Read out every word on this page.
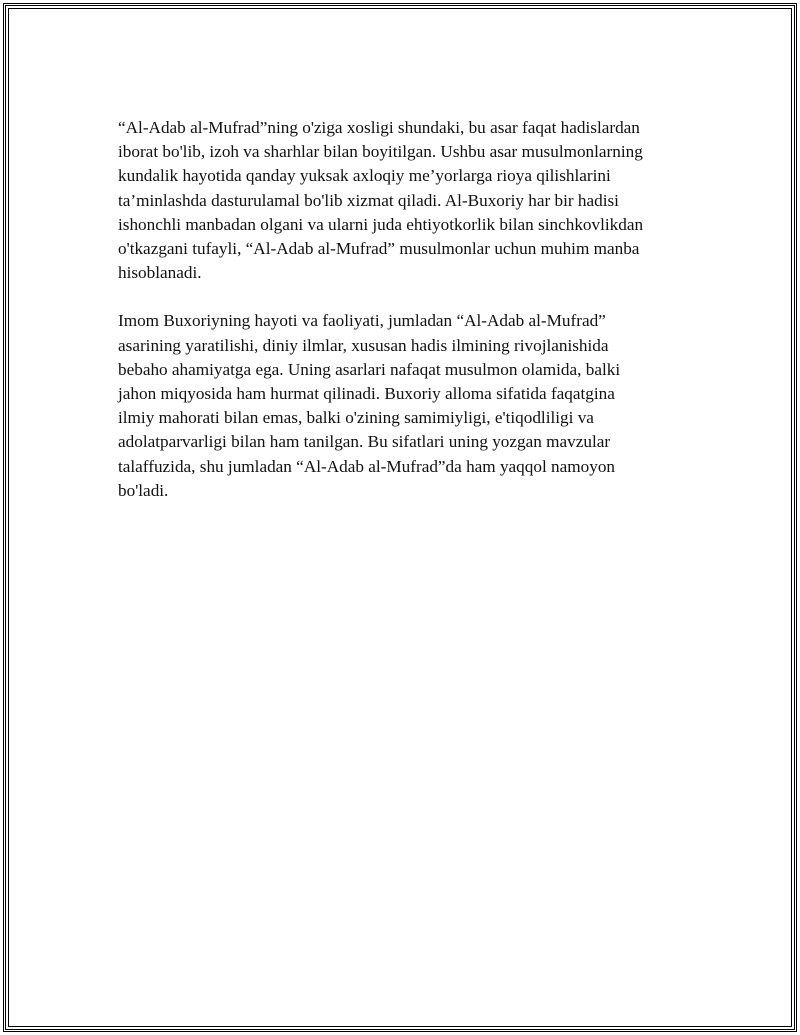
“Al-Adab al-Mufrad”ning o'ziga xosligi shundaki, bu asar faqat hadislardan
iborat bo'lib, izoh va sharhlar bilan boyitilgan. Ushbu asar musulmonlarning
kundalik hayotida qanday yuksak axloqiy me’yorlarga rioya qilishlarini
ta’minlashda dasturulamal bo'lib xizmat qiladi. Al-Buxoriy har bir hadisi
ishonchli manbadan olgani va ularni juda ehtiyotkorlik bilan sinchkovlikdan
o'tkazgani tufayli, “Al-Adab al-Mufrad” musulmonlar uchun muhim manba
hisoblanadi.

Imom Buxoriyning hayoti va faoliyati, jumladan “Al-Adab al-Mufrad”
asarining yaratilishi, diniy ilmlar, xususan hadis ilmining rivojlanishida
bebaho ahamiyatga ega. Uning asarlari nafaqat musulmon olamida, balki
jahon miqyosida ham hurmat qilinadi. Buxoriy alloma sifatida faqatgina
ilmiy mahorati bilan emas, balki o'zining samimiyligi, e'tiqodliligi va
adolatparvarligi bilan ham tanilgan. Bu sifatlari uning yozgan mavzular
talaffuzida, shu jumladan “Al-Adab al-Mufrad”da ham yaqqol namoyon
bo'ladi.
